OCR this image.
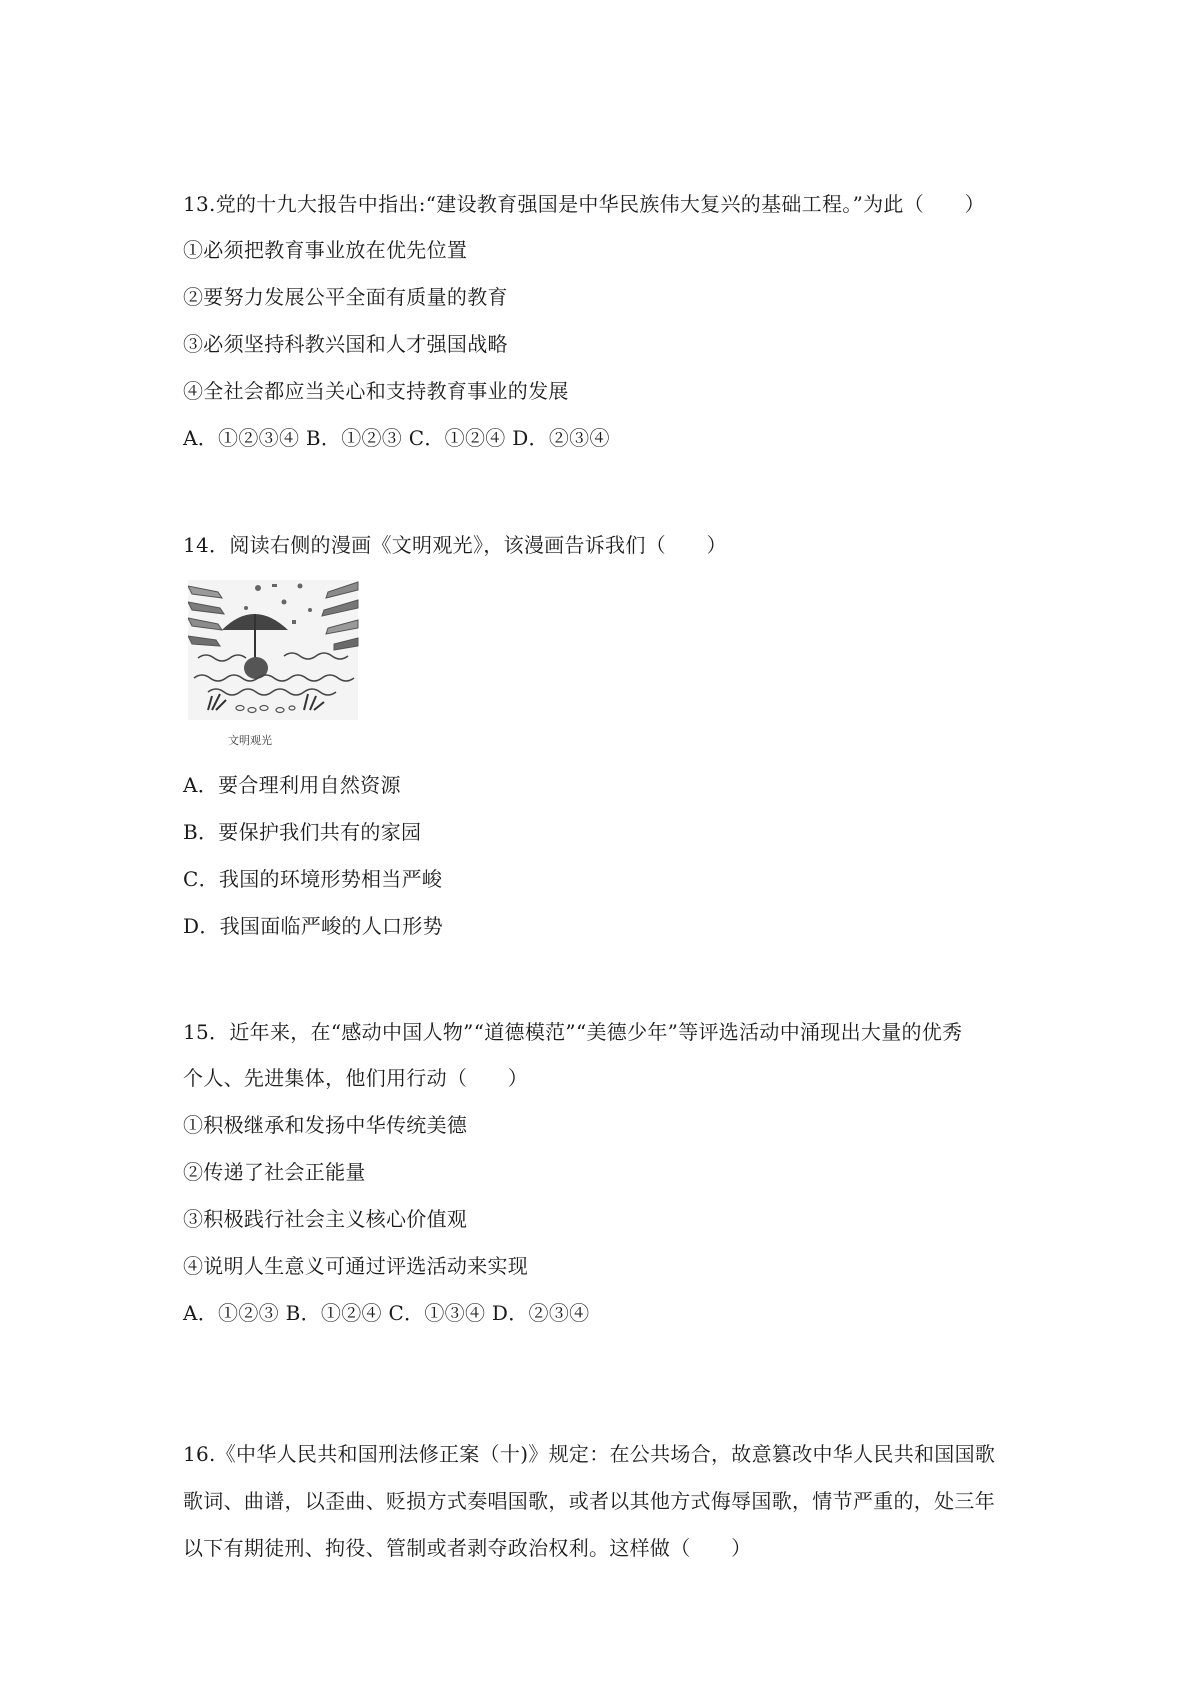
13.党的十九大报告中指出:“建设教育强国是中华民族伟大复兴的基础工程。”为此（　　）
①必须把教育事业放在优先位置
②要努力发展公平全面有质量的教育
③必须坚持科教兴国和人才强国战略
④全社会都应当关心和支持教育事业的发展
A．①②③④ B．①②③ C．①②④ D．②③④
14．阅读右侧的漫画《文明观光》，该漫画告诉我们（　　）
文明观光
A．要合理利用自然资源
B．要保护我们共有的家园
C．我国的环境形势相当严峻
D．我国面临严峻的人口形势
15．近年来，在“感动中国人物”“道德模范”“美德少年”等评选活动中涌现出大量的优秀
个人、先进集体，他们用行动（　　）
①积极继承和发扬中华传统美德
②传递了社会正能量
③积极践行社会主义核心价值观
④说明人生意义可通过评选活动来实现
A．①②③ B．①②④ C．①③④ D．②③④
16.《中华人民共和国刑法修正案（十)》规定：在公共场合，故意篡改中华人民共和国国歌
歌词、曲谱，以歪曲、贬损方式奏唱国歌，或者以其他方式侮辱国歌，情节严重的，处三年
以下有期徒刑、拘役、管制或者剥夺政治权利。这样做（　　）
